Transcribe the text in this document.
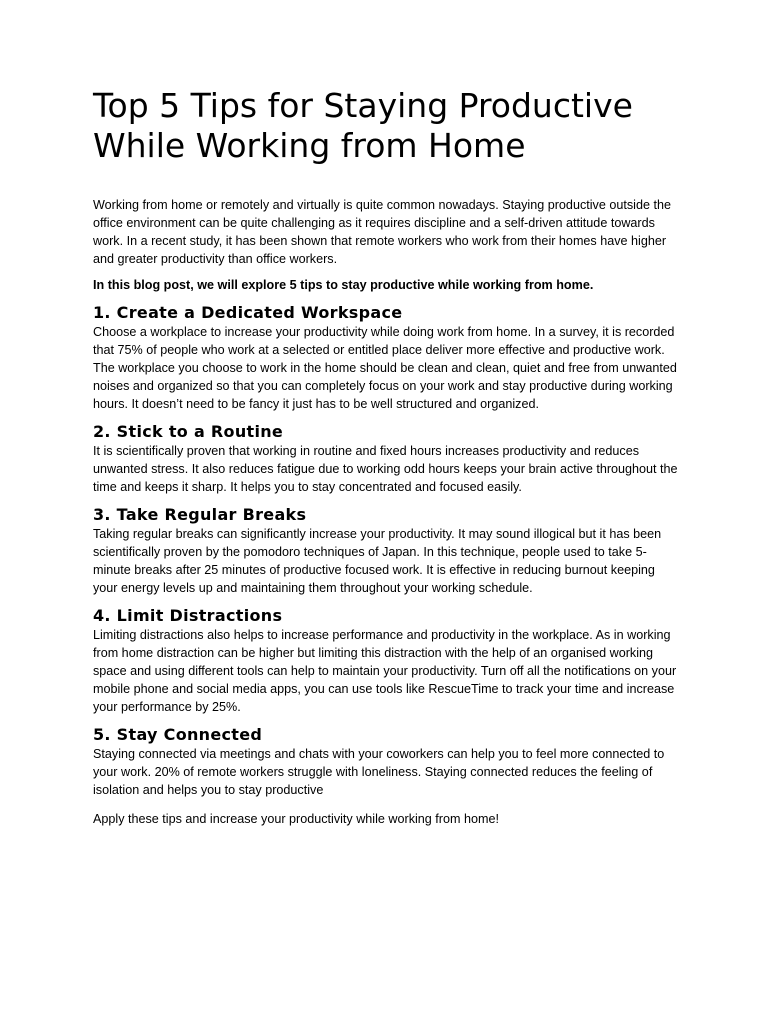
Top 5 Tips for Staying Productive While Working from Home

Working from home or remotely and virtually is quite common nowadays. Staying productive outside the office environment can be quite challenging as it requires discipline and a self-driven attitude towards work. In a recent study, it has been shown that remote workers who work from their homes have higher and greater productivity than office workers.

In this blog post, we will explore 5 tips to stay productive while working from home.

1. Create a Dedicated Workspace

Choose a workplace to increase your productivity while doing work from home. In a survey, it is recorded that 75% of people who work at a selected or entitled place deliver more effective and productive work. The workplace you choose to work in the home should be clean and clean, quiet and free from unwanted noises and organized so that you can completely focus on your work and stay productive during working hours. It doesn’t need to be fancy it just has to be well structured and organized.

2. Stick to a Routine

It is scientifically proven that working in routine and fixed hours increases productivity and reduces unwanted stress. It also reduces fatigue due to working odd hours keeps your brain active throughout the time and keeps it sharp. It helps you to stay concentrated and focused easily.

3. Take Regular Breaks

Taking regular breaks can significantly increase your productivity. It may sound illogical but it has been scientifically proven by the pomodoro techniques of Japan. In this technique, people used to take 5-minute breaks after 25 minutes of productive focused work. It is effective in reducing burnout keeping your energy levels up and maintaining them throughout your working schedule.

4. Limit Distractions

Limiting distractions also helps to increase performance and productivity in the workplace. As in working from home distraction can be higher but limiting this distraction with the help of an organised working space and using different tools can help to maintain your productivity. Turn off all the notifications on your mobile phone and social media apps, you can use tools like RescueTime to track your time and increase your performance by 25%.

5. Stay Connected

Staying connected via meetings and chats with your coworkers can help you to feel more connected to your work. 20% of remote workers struggle with loneliness. Staying connected reduces the feeling of isolation and helps you to stay productive

Apply these tips and increase your productivity while working from home!
